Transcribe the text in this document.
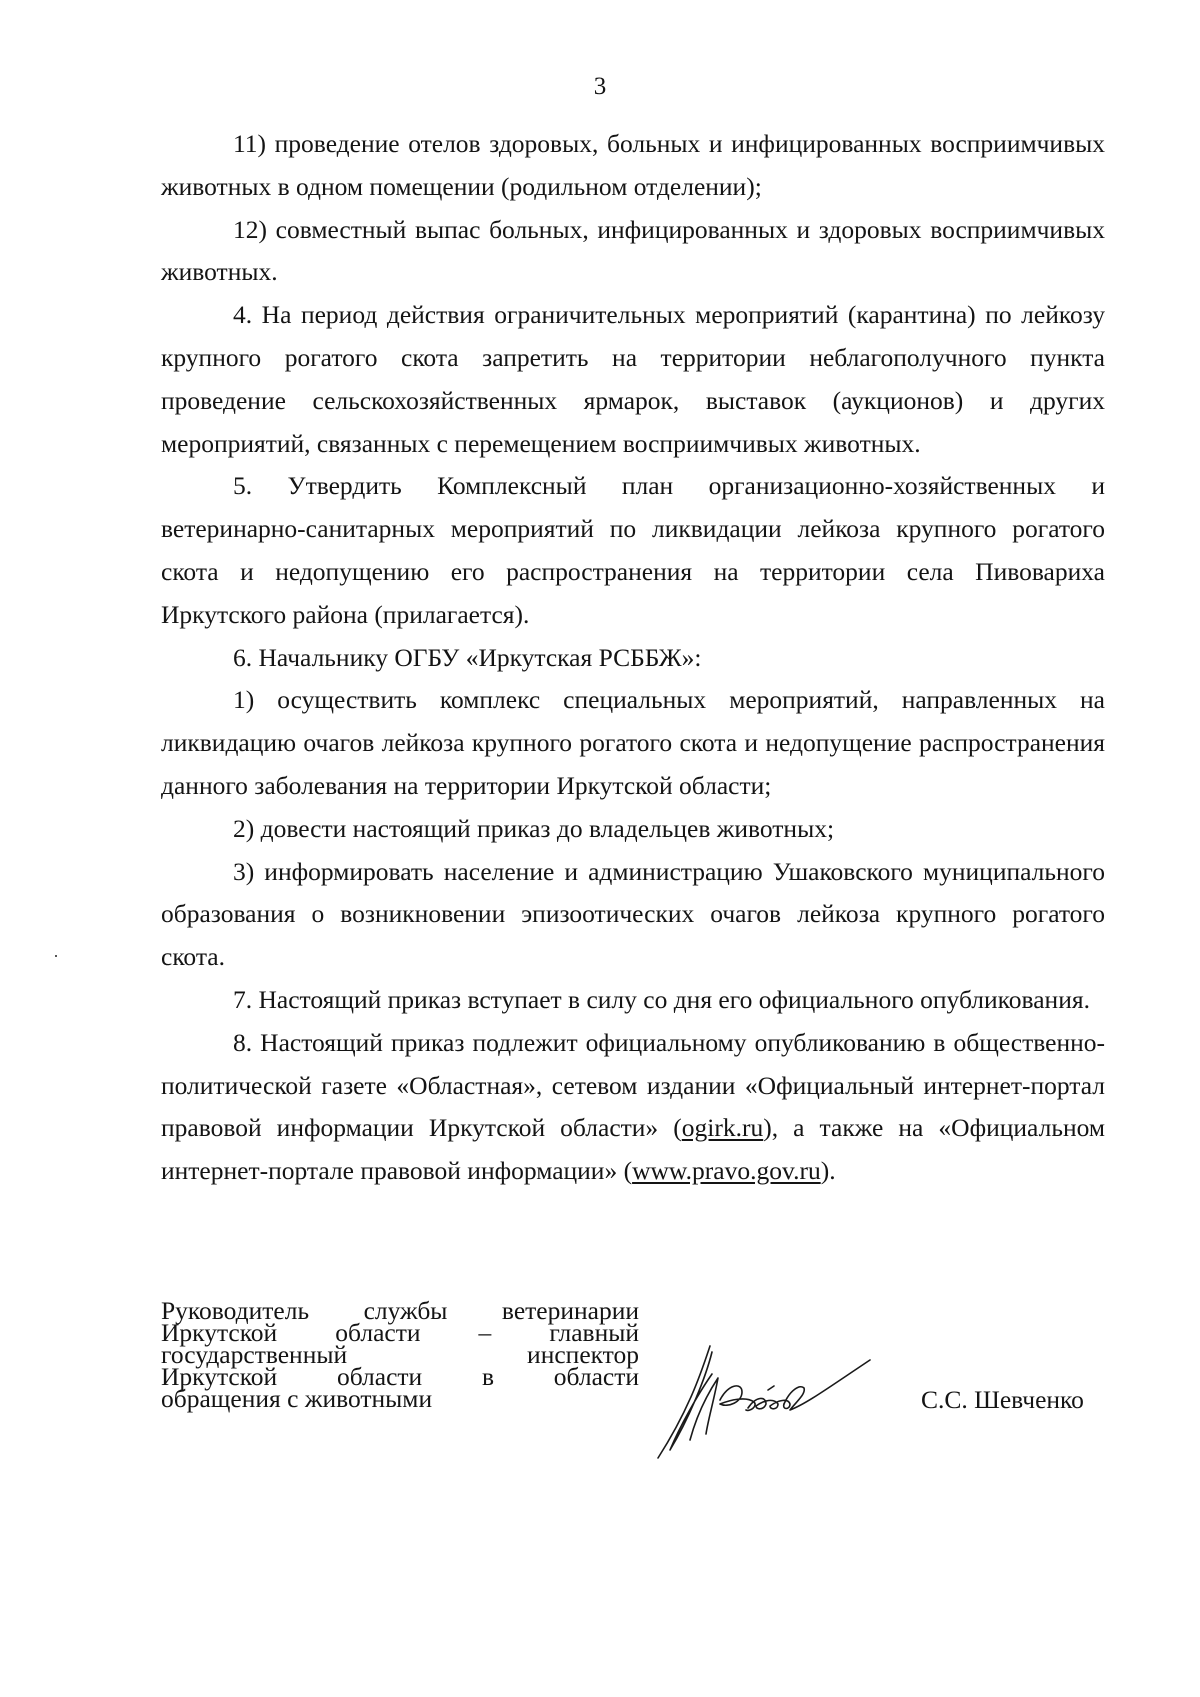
3

11) проведение отелов здоровых, больных и инфицированных восприимчивых животных в одном помещении (родильном отделении);

12) совместный выпас больных, инфицированных и здоровых восприимчивых животных.

4. На период действия ограничительных мероприятий (карантина) по лейкозу крупного рогатого скота запретить на территории неблагополучного пункта проведение сельскохозяйственных ярмарок, выставок (аукционов) и других мероприятий, связанных с перемещением восприимчивых животных.

5. Утвердить Комплексный план организационно-хозяйственных и ветеринарно-санитарных мероприятий по ликвидации лейкоза крупного рогатого скота и недопущению его распространения на территории села Пивовариха Иркутского района (прилагается).

6. Начальнику ОГБУ «Иркутская РСББЖ»:

1) осуществить комплекс специальных мероприятий, направленных на ликвидацию очагов лейкоза крупного рогатого скота и недопущение распространения данного заболевания на территории Иркутской области;

2) довести настоящий приказ до владельцев животных;

3) информировать население и администрацию Ушаковского муниципального образования о возникновении эпизоотических очагов лейкоза крупного рогатого скота.

7. Настоящий приказ вступает в силу со дня его официального опубликования.

8. Настоящий приказ подлежит официальному опубликованию в общественно-политической газете «Областная», сетевом издании «Официальный интернет-портал правовой информации Иркутской области» (ogirk.ru), а также на «Официальном интернет-портале правовой информации» (www.pravo.gov.ru).

Руководитель службы ветеринарии
Иркутской области – главный
государственный инспектор
Иркутской области в области
обращения с животными	С.С. Шевченко
